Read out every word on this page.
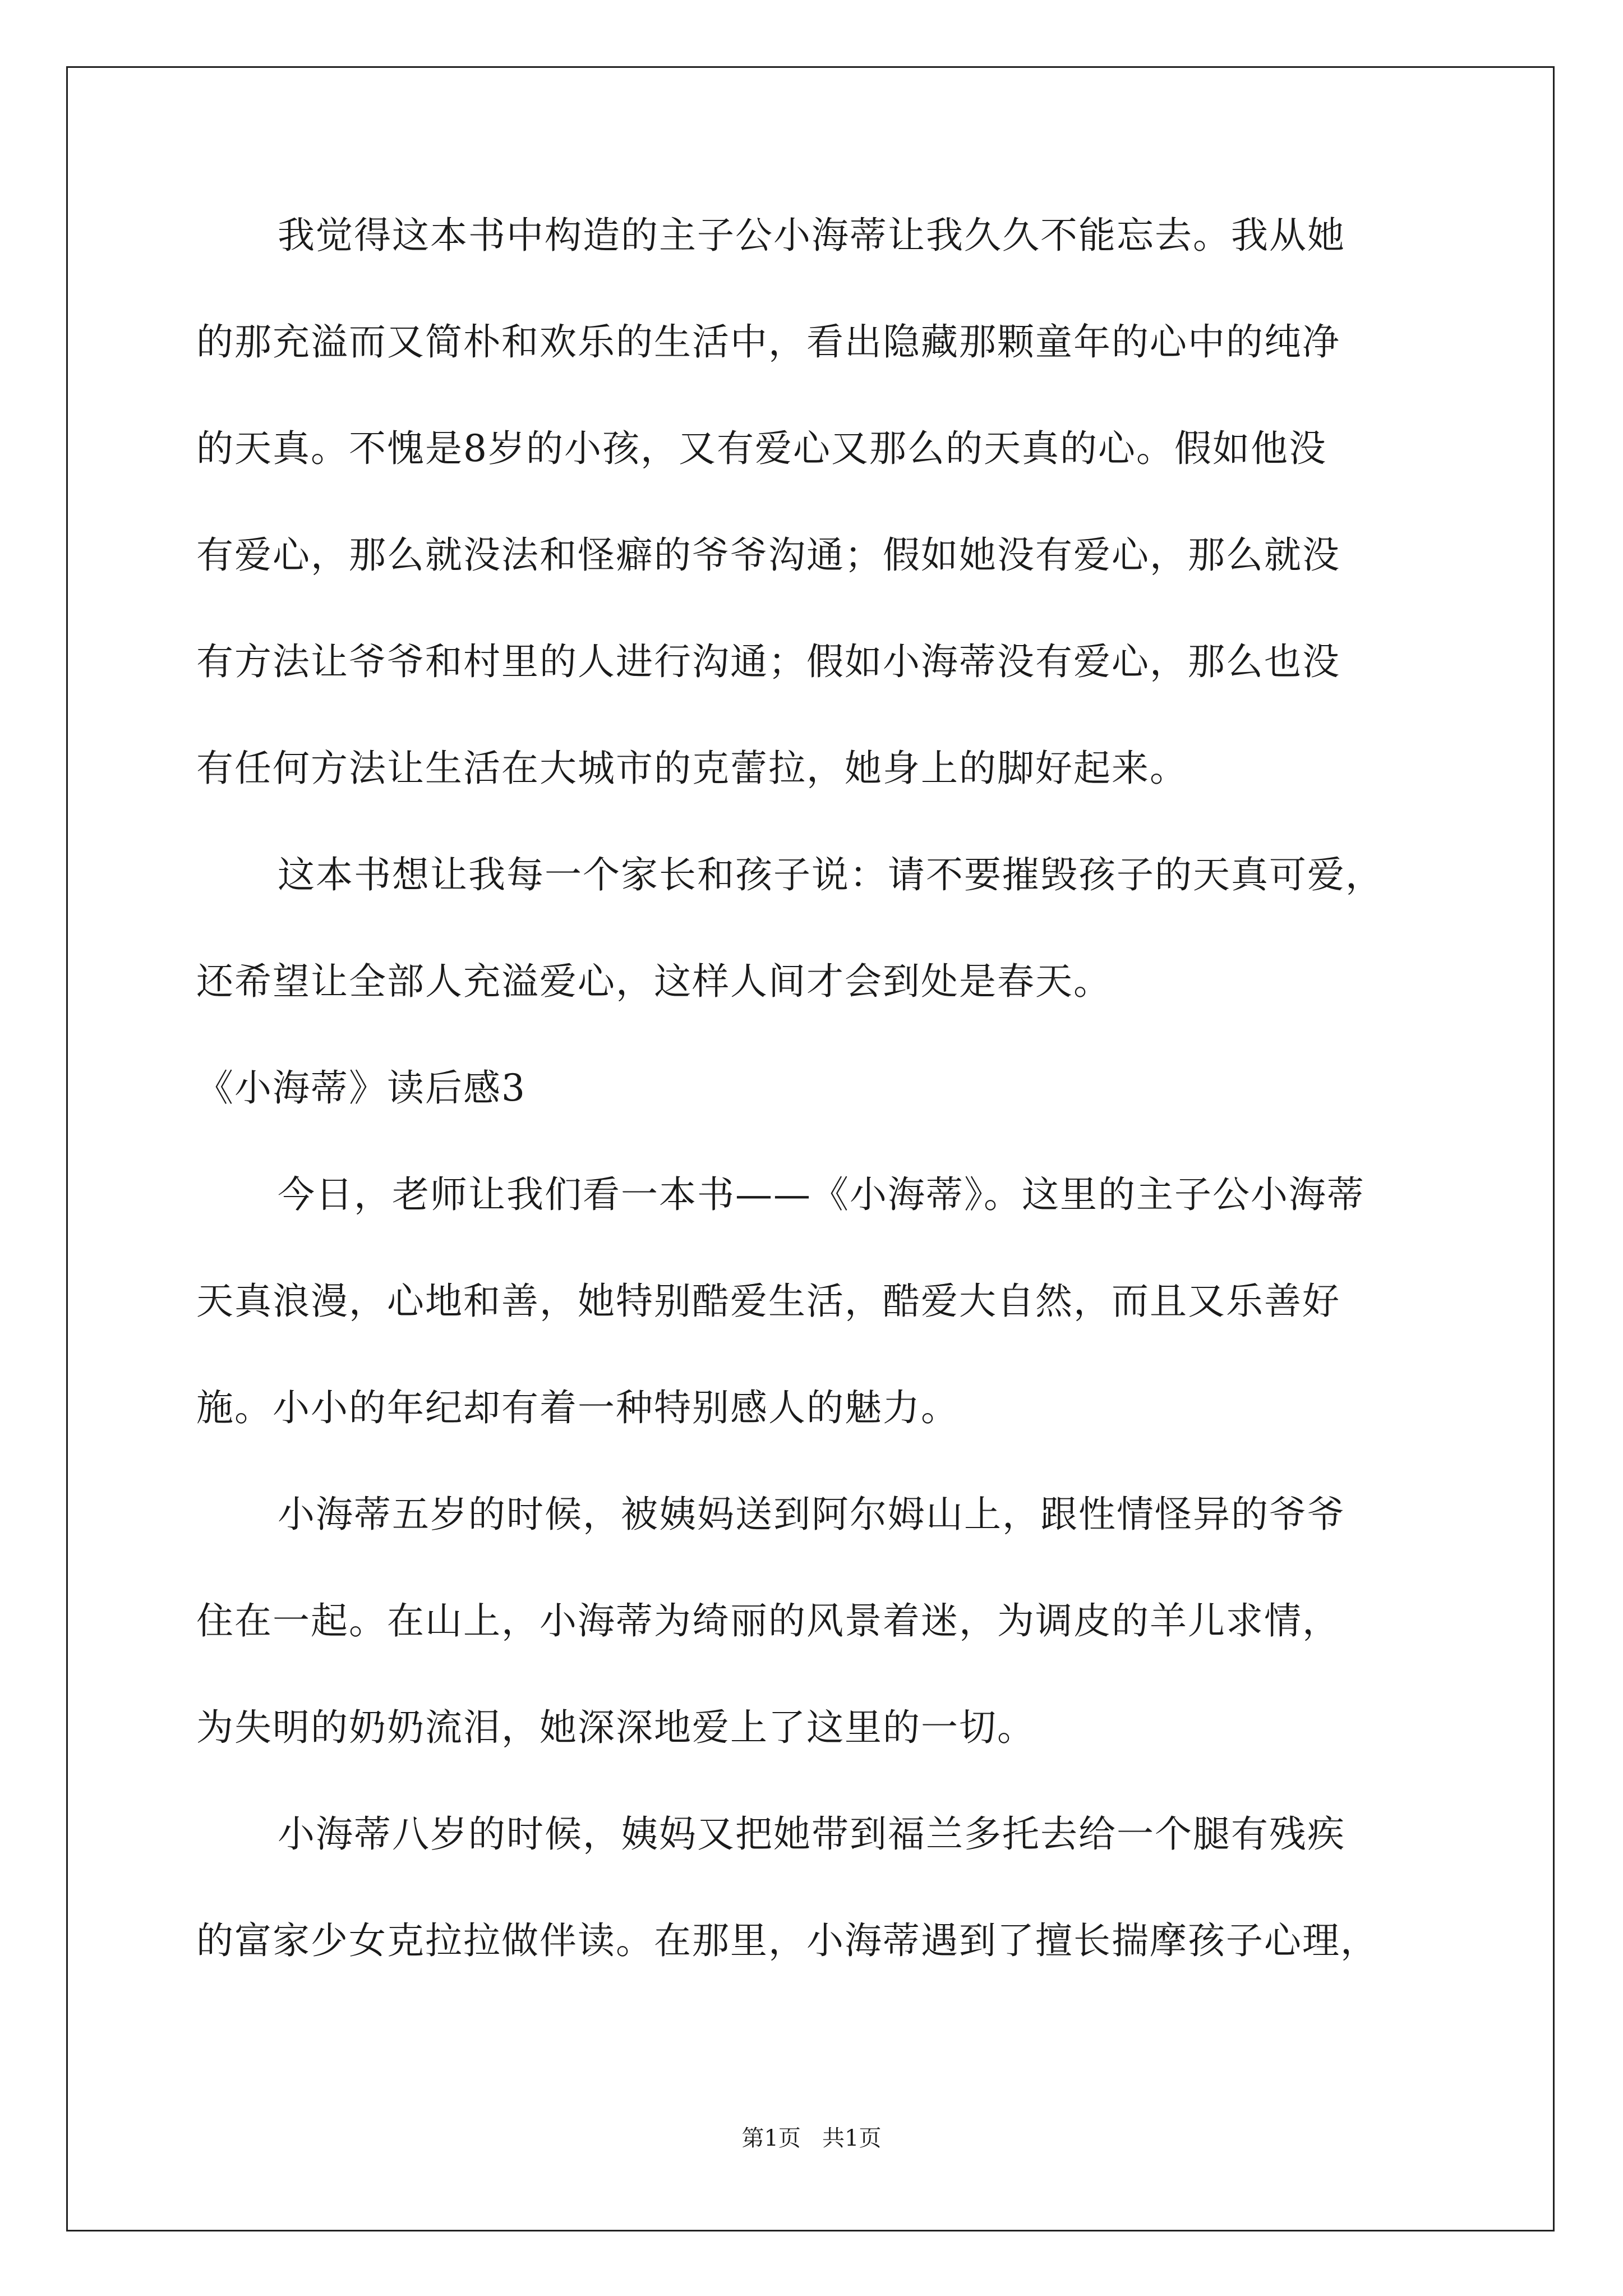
我觉得这本书中构造的主子公小海蒂让我久久不能忘去。我从她
的那充溢而又简朴和欢乐的生活中，看出隐藏那颗童年的心中的纯净
的天真。不愧是8岁的小孩，又有爱心又那么的天真的心。假如他没
有爱心，那么就没法和怪癖的爷爷沟通；假如她没有爱心，那么就没
有方法让爷爷和村里的人进行沟通；假如小海蒂没有爱心，那么也没
有任何方法让生活在大城市的克蕾拉，她身上的脚好起来。
这本书想让我每一个家长和孩子说：请不要摧毁孩子的天真可爱，
还希望让全部人充溢爱心，这样人间才会到处是春天。
《小海蒂》读后感3
今日，老师让我们看一本书——《小海蒂》。这里的主子公小海蒂
天真浪漫，心地和善，她特别酷爱生活，酷爱大自然，而且又乐善好
施。小小的年纪却有着一种特别感人的魅力。
小海蒂五岁的时候，被姨妈送到阿尔姆山上，跟性情怪异的爷爷
住在一起。在山上，小海蒂为绮丽的风景着迷，为调皮的羊儿求情，
为失明的奶奶流泪，她深深地爱上了这里的一切。
小海蒂八岁的时候，姨妈又把她带到福兰多托去给一个腿有残疾
的富家少女克拉拉做伴读。在那里，小海蒂遇到了擅长揣摩孩子心理，
第1页   共1页
